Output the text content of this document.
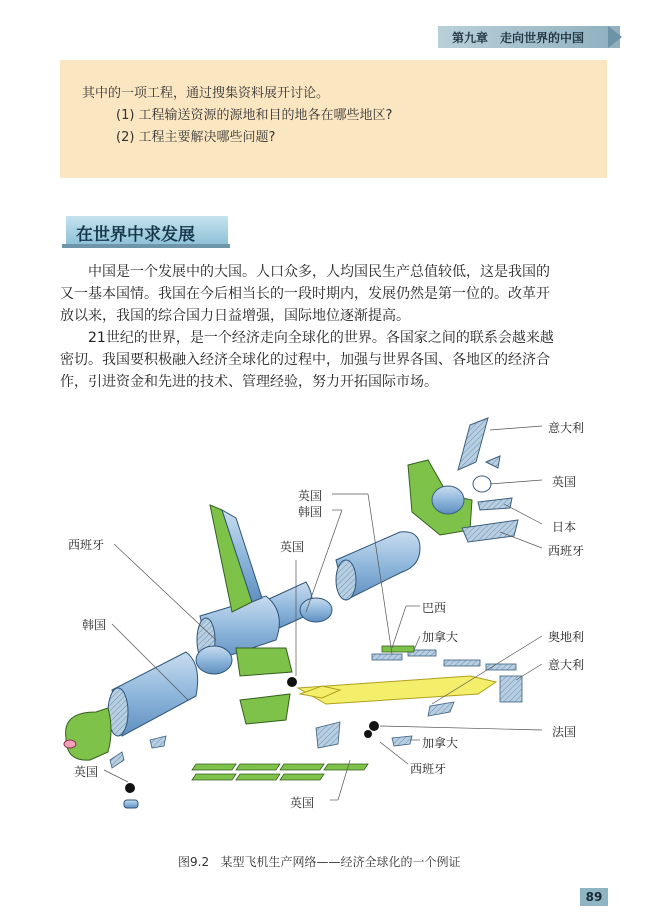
第九章 走向世界的中国
其中的一项工程，通过搜集资料展开讨论。
(1) 工程输送资源的源地和目的地各在哪些地区?
(2) 工程主要解决哪些问题?
在世界中求发展
中国是一个发展中的大国。人口众多，人均国民生产总值较低，这是我国的
又一基本国情。我国在今后相当长的一段时期内，发展仍然是第一位的。改革开
放以来，我国的综合国力日益增强，国际地位逐渐提高。
21世纪的世界，是一个经济走向全球化的世界。各国家之间的联系会越来越
密切。我国要积极融入经济全球化的过程中，加强与世界各国、各地区的经济合
作，引进资金和先进的技术、管理经验，努力开拓国际市场。
意大利
英国
日本
西班牙
英国
韩国
西班牙	英国
韩国
巴西
加拿大	奥地利
意大利
法国
加拿大
西班牙
英国
英国
图9.2 某型飞机生产网络——经济全球化的一个例证
89
